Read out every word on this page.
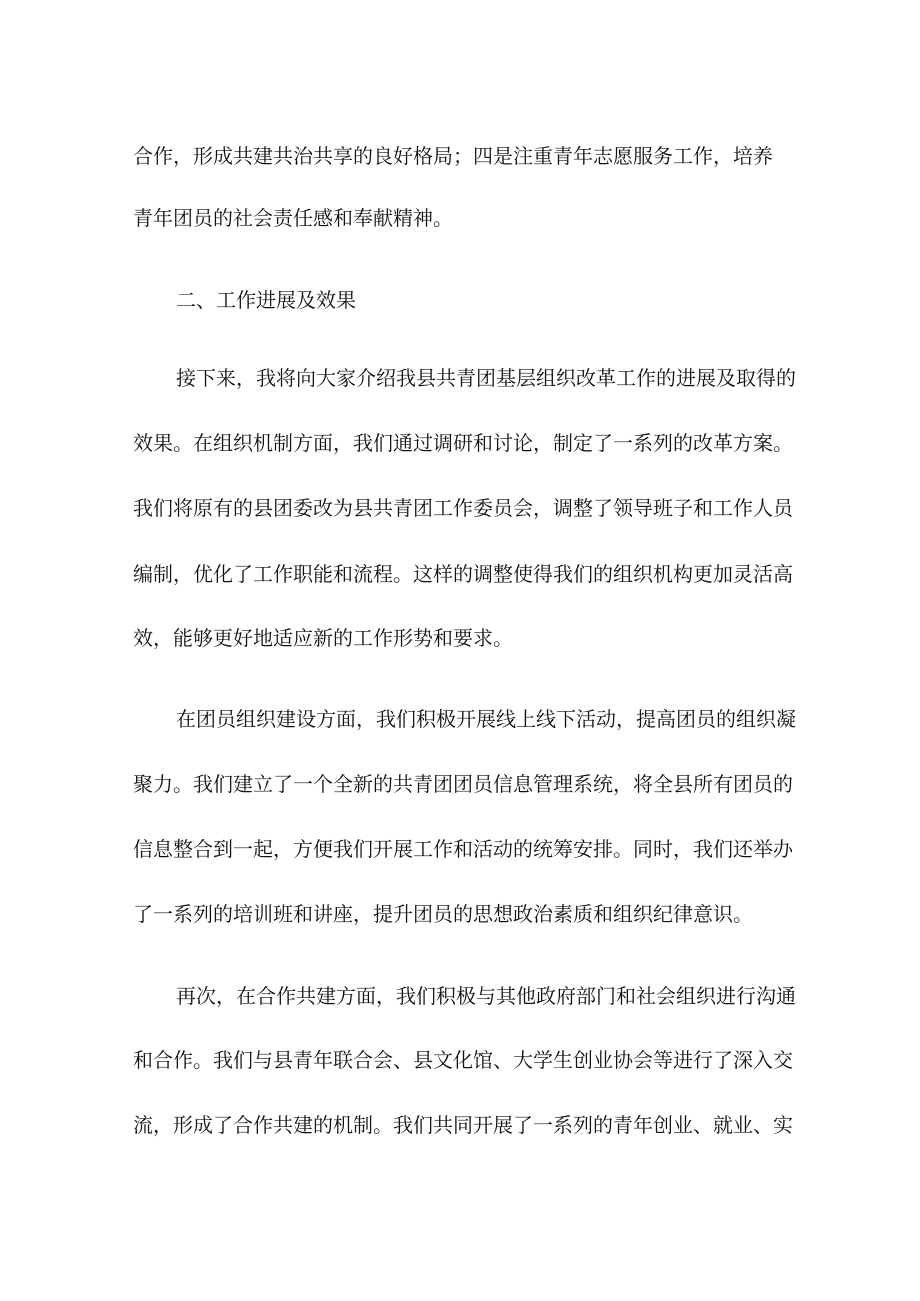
合作，形成共建共治共享的良好格局；四是注重青年志愿服务工作，培养
青年团员的社会责任感和奉献精神。
二、工作进展及效果
接下来，我将向大家介绍我县共青团基层组织改革工作的进展及取得的
效果。在组织机制方面，我们通过调研和讨论，制定了一系列的改革方案。
我们将原有的县团委改为县共青团工作委员会，调整了领导班子和工作人员
编制，优化了工作职能和流程。这样的调整使得我们的组织机构更加灵活高
效，能够更好地适应新的工作形势和要求。
在团员组织建设方面，我们积极开展线上线下活动，提高团员的组织凝
聚力。我们建立了一个全新的共青团团员信息管理系统，将全县所有团员的
信息整合到一起，方便我们开展工作和活动的统筹安排。同时，我们还举办
了一系列的培训班和讲座，提升团员的思想政治素质和组织纪律意识。
再次，在合作共建方面，我们积极与其他政府部门和社会组织进行沟通
和合作。我们与县青年联合会、县文化馆、大学生创业协会等进行了深入交
流，形成了合作共建的机制。我们共同开展了一系列的青年创业、就业、实
